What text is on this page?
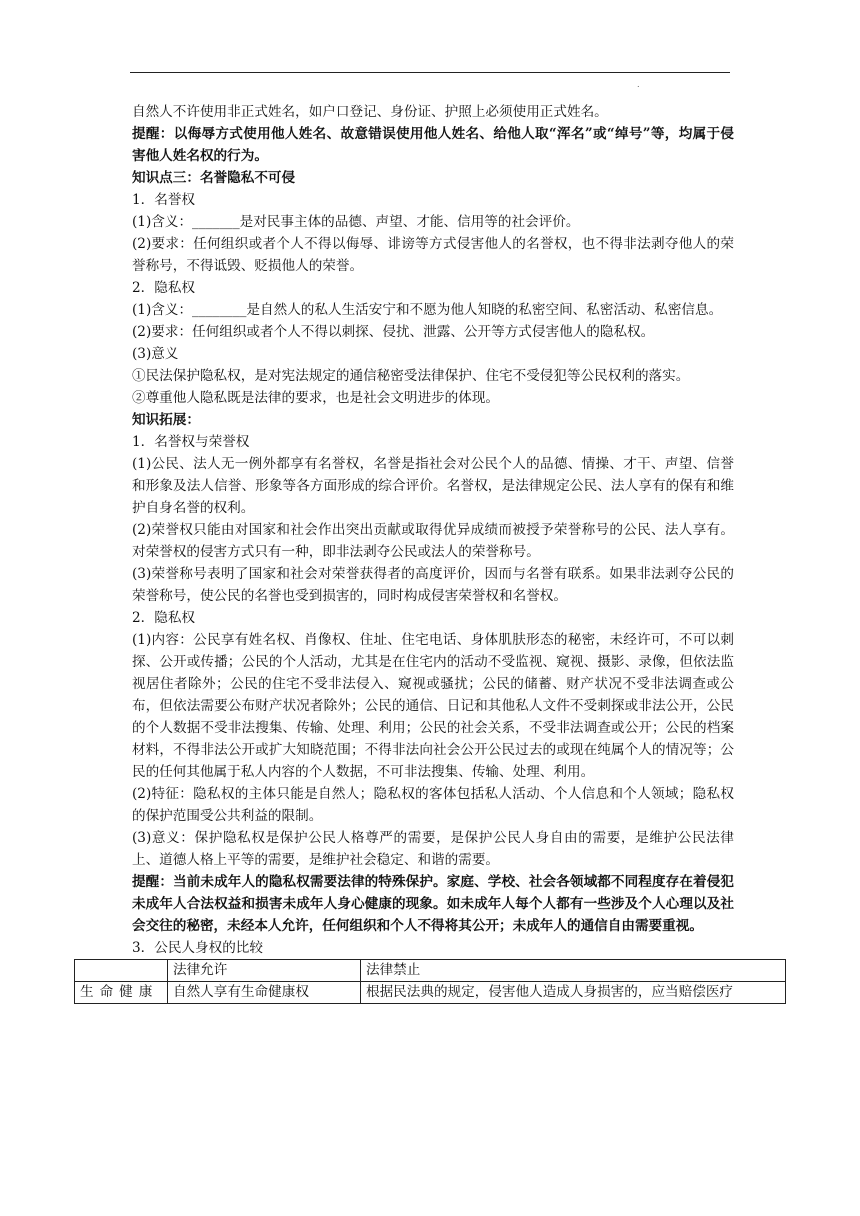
.

自然人不许使用非正式姓名，如户口登记、身份证、护照上必须使用正式姓名。

提醒：以侮辱方式使用他人姓名、故意错误使用他人姓名、给他人取“浑名”或“绰号”等，均属于侵害他人姓名权的行为。

知识点三：名誉隐私不可侵

1．名誉权

(1)含义：_______是对民事主体的品德、声望、才能、信用等的社会评价。

(2)要求：任何组织或者个人不得以侮辱、诽谤等方式侵害他人的名誉权，也不得非法剥夺他人的荣誉称号，不得诋毁、贬损他人的荣誉。

2．隐私权

(1)含义：________是自然人的私人生活安宁和不愿为他人知晓的私密空间、私密活动、私密信息。

(2)要求：任何组织或者个人不得以刺探、侵扰、泄露、公开等方式侵害他人的隐私权。

(3)意义

①民法保护隐私权，是对宪法规定的通信秘密受法律保护、住宅不受侵犯等公民权利的落实。

②尊重他人隐私既是法律的要求，也是社会文明进步的体现。

知识拓展：

1．名誉权与荣誉权

(1)公民、法人无一例外都享有名誉权，名誉是指社会对公民个人的品德、情操、才干、声望、信誉和形象及法人信誉、形象等各方面形成的综合评价。名誉权，是法律规定公民、法人享有的保有和维护自身名誉的权利。

(2)荣誉权只能由对国家和社会作出突出贡献或取得优异成绩而被授予荣誉称号的公民、法人享有。对荣誉权的侵害方式只有一种，即非法剥夺公民或法人的荣誉称号。

(3)荣誉称号表明了国家和社会对荣誉获得者的高度评价，因而与名誉有联系。如果非法剥夺公民的荣誉称号，使公民的名誉也受到损害的，同时构成侵害荣誉权和名誉权。

2．隐私权

(1)内容：公民享有姓名权、肖像权、住址、住宅电话、身体肌肤形态的秘密，未经许可，不可以刺探、公开或传播；公民的个人活动，尤其是在住宅内的活动不受监视、窥视、摄影、录像，但依法监视居住者除外；公民的住宅不受非法侵入、窥视或骚扰；公民的储蓄、财产状况不受非法调查或公布，但依法需要公布财产状况者除外；公民的通信、日记和其他私人文件不受刺探或非法公开，公民的个人数据不受非法搜集、传输、处理、利用；公民的社会关系，不受非法调查或公开；公民的档案材料，不得非法公开或扩大知晓范围；不得非法向社会公开公民过去的或现在纯属个人的情况等；公民的任何其他属于私人内容的个人数据，不可非法搜集、传输、处理、利用。

(2)特征：隐私权的主体只能是自然人；隐私权的客体包括私人活动、个人信息和个人领域；隐私权的保护范围受公共利益的限制。

(3)意义：保护隐私权是保护公民人格尊严的需要，是保护公民人身自由的需要，是维护公民法律上、道德人格上平等的需要，是维护社会稳定、和谐的需要。

提醒：当前未成年人的隐私权需要法律的特殊保护。家庭、学校、社会各领域都不同程度存在着侵犯未成年人合法权益和损害未成年人身心健康的现象。如未成年人每个人都有一些涉及个人心理以及社会交往的秘密，未经本人允许，任何组织和个人不得将其公开；未成年人的通信自由需要重视。

3．公民人身权的比较

	法律允许	法律禁止
生命健康	自然人享有生命健康权	根据民法典的规定，侵害他人造成人身损害的，应当赔偿医疗
